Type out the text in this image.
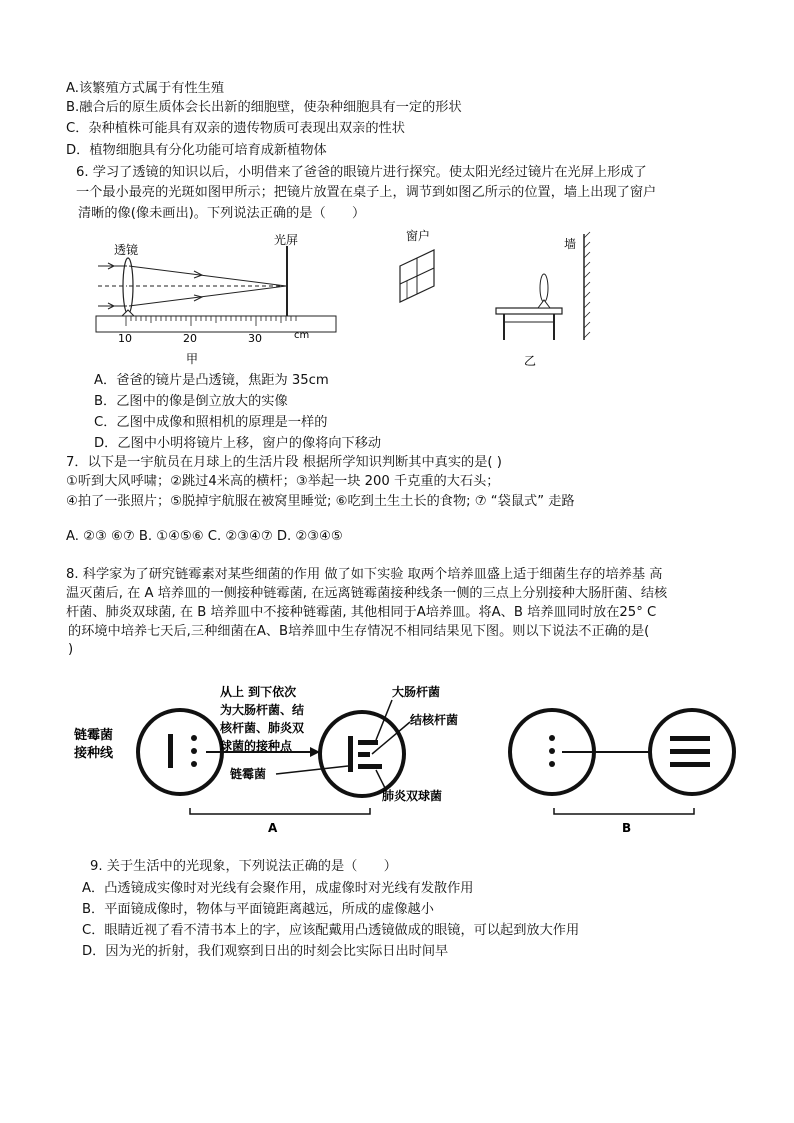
A.该繁殖方式属于有性生殖
B.融合后的原生质体会长出新的细胞壁，使杂种细胞具有一定的形状
C．杂种植株可能具有双亲的遗传物质可表现出双亲的性状
D．植物细胞具有分化功能可培育成新植物体
6. 学习了透镜的知识以后，小明借来了爸爸的眼镜片进行探究。使太阳光经过镜片在光屏上形成了
一个最小最亮的光斑如图甲所示；把镜片放置在桌子上，调节到如图乙所示的位置，墙上出现了窗户
清晰的像(像未画出)。下列说法正确的是（　　）
透镜
光屏
10	20	30	cm
甲
窗户
墙
乙
A．爸爸的镜片是凸透镜，焦距为 35cm
B．乙图中的像是倒立放大的实像
C．乙图中成像和照相机的原理是一样的
D．乙图中小明将镜片上移，窗户的像将向下移动
7．以下是一宇航员在月球上的生活片段 根据所学知识判断其中真实的是( )
①听到大风呼啸；②跳过4米高的横杆；③举起一块 200 千克重的大石头；
④拍了一张照片；⑤脱掉宇航服在被窝里睡觉; ⑥吃到土生土长的食物; ⑦ “袋鼠式” 走路
A. ②③ ⑥⑦ B. ①④⑤⑥ C. ②③④⑦ D. ②③④⑤
8. 科学家为了研究链霉素对某些细菌的作用 做了如下实验 取两个培养皿盛上适于细菌生存的培养基 高
温灭菌后, 在 A 培养皿的一侧接种链霉菌, 在远离链霉菌接种线条一侧的三点上分别接种大肠肝菌、结核
杆菌、肺炎双球菌, 在 B 培养皿中不接种链霉菌, 其他相同于A培养皿。将A、B 培养皿同时放在25° C
的环境中培养七天后,三种细菌在A、B培养皿中生存情况不相同结果见下图。则以下说法不正确的是(
)
链霉菌
接种线
从上 到下依次
为大肠杆菌、结
核杆菌、肺炎双
球菌的接种点
大肠杆菌
结核杆菌
链霉菌
肺炎双球菌
A	B
9. 关于生活中的光现象，下列说法正确的是（　　）
A．凸透镜成实像时对光线有会聚作用，成虚像时对光线有发散作用
B．平面镜成像时，物体与平面镜距离越远，所成的虚像越小
C．眼睛近视了看不清书本上的字，应该配戴用凸透镜做成的眼镜，可以起到放大作用
D．因为光的折射，我们观察到日出的时刻会比实际日出时间早
